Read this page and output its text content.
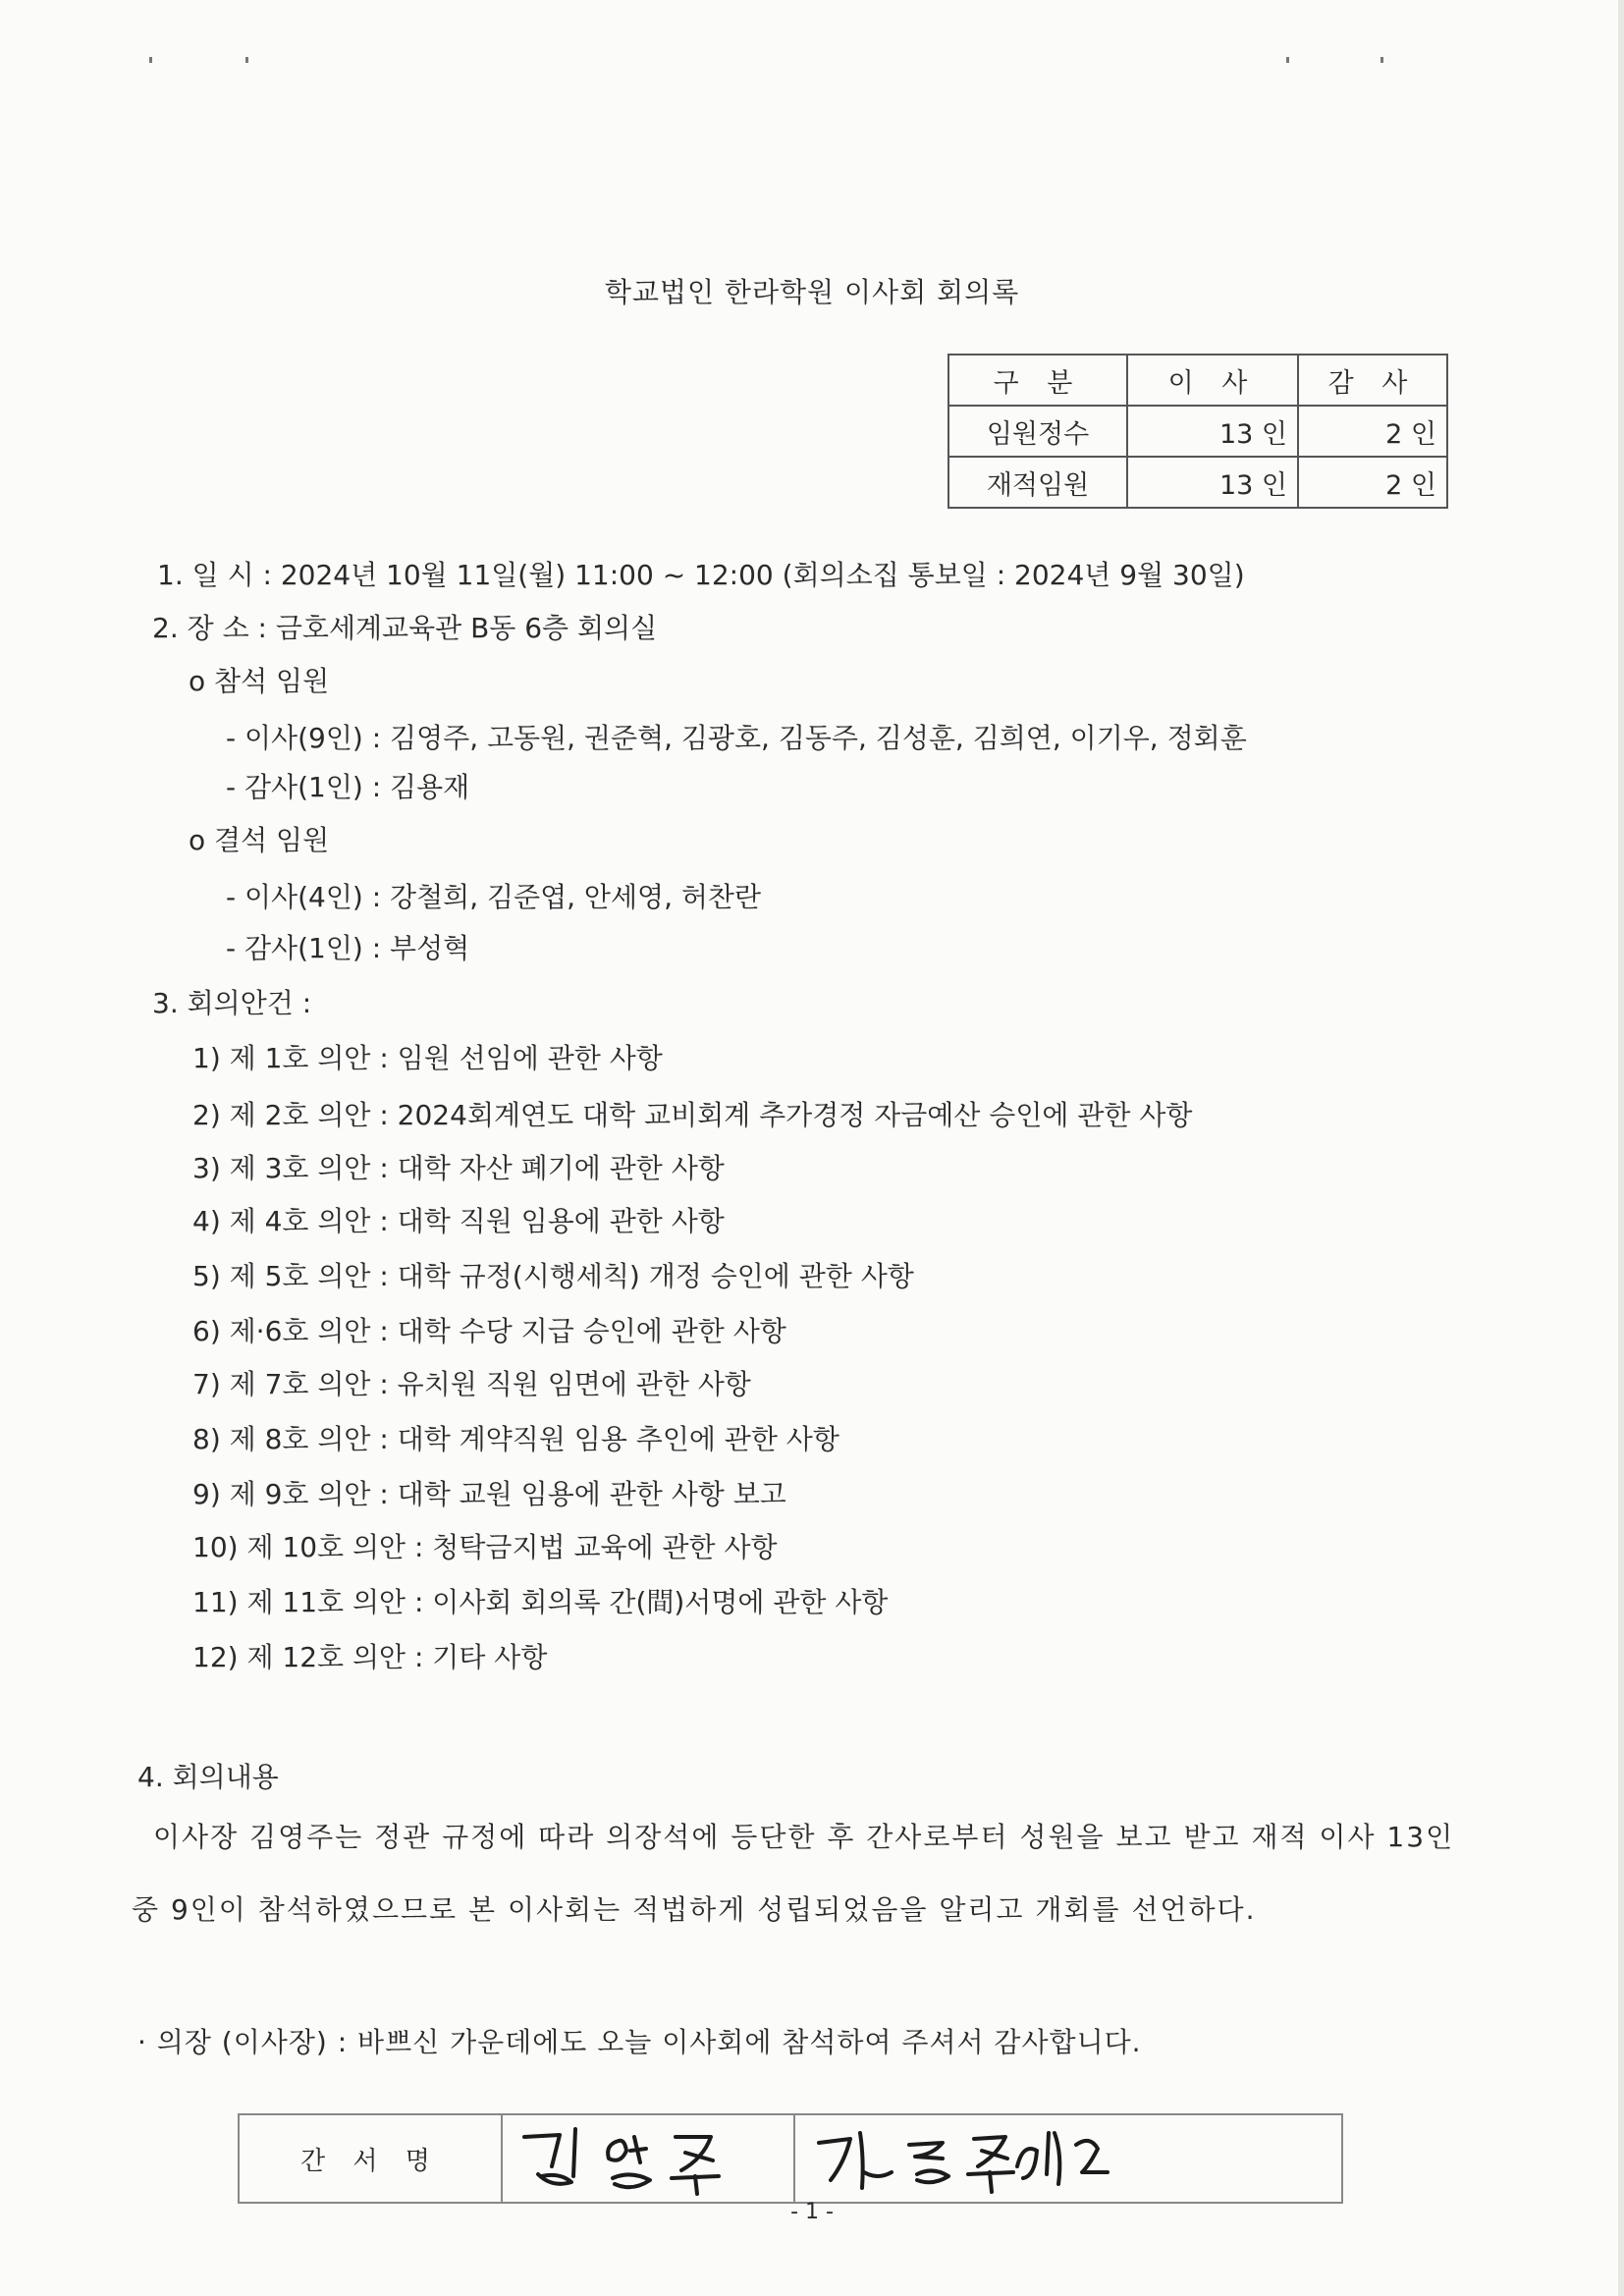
학교법인 한라학원 이사회 회의록
구 분	이 사	감 사
임원정수	13 인	2 인
재적임원	13 인	2 인
1. 일 시 : 2024년 10월 11일(월) 11:00 ~ 12:00 (회의소집 통보일 : 2024년 9월 30일)
2. 장 소 : 금호세계교육관 B동 6층 회의실
o 참석 임원
- 이사(9인) : 김영주, 고동원, 권준혁, 김광호, 김동주, 김성훈, 김희연, 이기우, 정회훈
- 감사(1인) : 김용재
o 결석 임원
- 이사(4인) : 강철희, 김준엽, 안세영, 허찬란
- 감사(1인) : 부성혁
3. 회의안건 :
1) 제 1호 의안 : 임원 선임에 관한 사항
2) 제 2호 의안 : 2024회계연도 대학 교비회계 추가경정 자금예산 승인에 관한 사항
3) 제 3호 의안 : 대학 자산 폐기에 관한 사항
4) 제 4호 의안 : 대학 직원 임용에 관한 사항
5) 제 5호 의안 : 대학 규정(시행세칙) 개정 승인에 관한 사항
6) 제·6호 의안 : 대학 수당 지급 승인에 관한 사항
7) 제 7호 의안 : 유치원 직원 임면에 관한 사항
8) 제 8호 의안 : 대학 계약직원 임용 추인에 관한 사항
9) 제 9호 의안 : 대학 교원 임용에 관한 사항 보고
10) 제 10호 의안 : 청탁금지법 교육에 관한 사항
11) 제 11호 의안 : 이사회 회의록 간(間)서명에 관한 사항
12) 제 12호 의안 : 기타 사항
4. 회의내용
이사장 김영주는 정관 규정에 따라 의장석에 등단한 후 간사로부터 성원을 보고 받고 재적 이사 13인 중 9인이 참석하였으므로 본 이사회는 적법하게 성립되었음을 알리고 개회를 선언하다.
· 의장 (이사장) : 바쁘신 가운데에도 오늘 이사회에 참석하여 주셔서 감사합니다.
간 서 명		
- 1 -
